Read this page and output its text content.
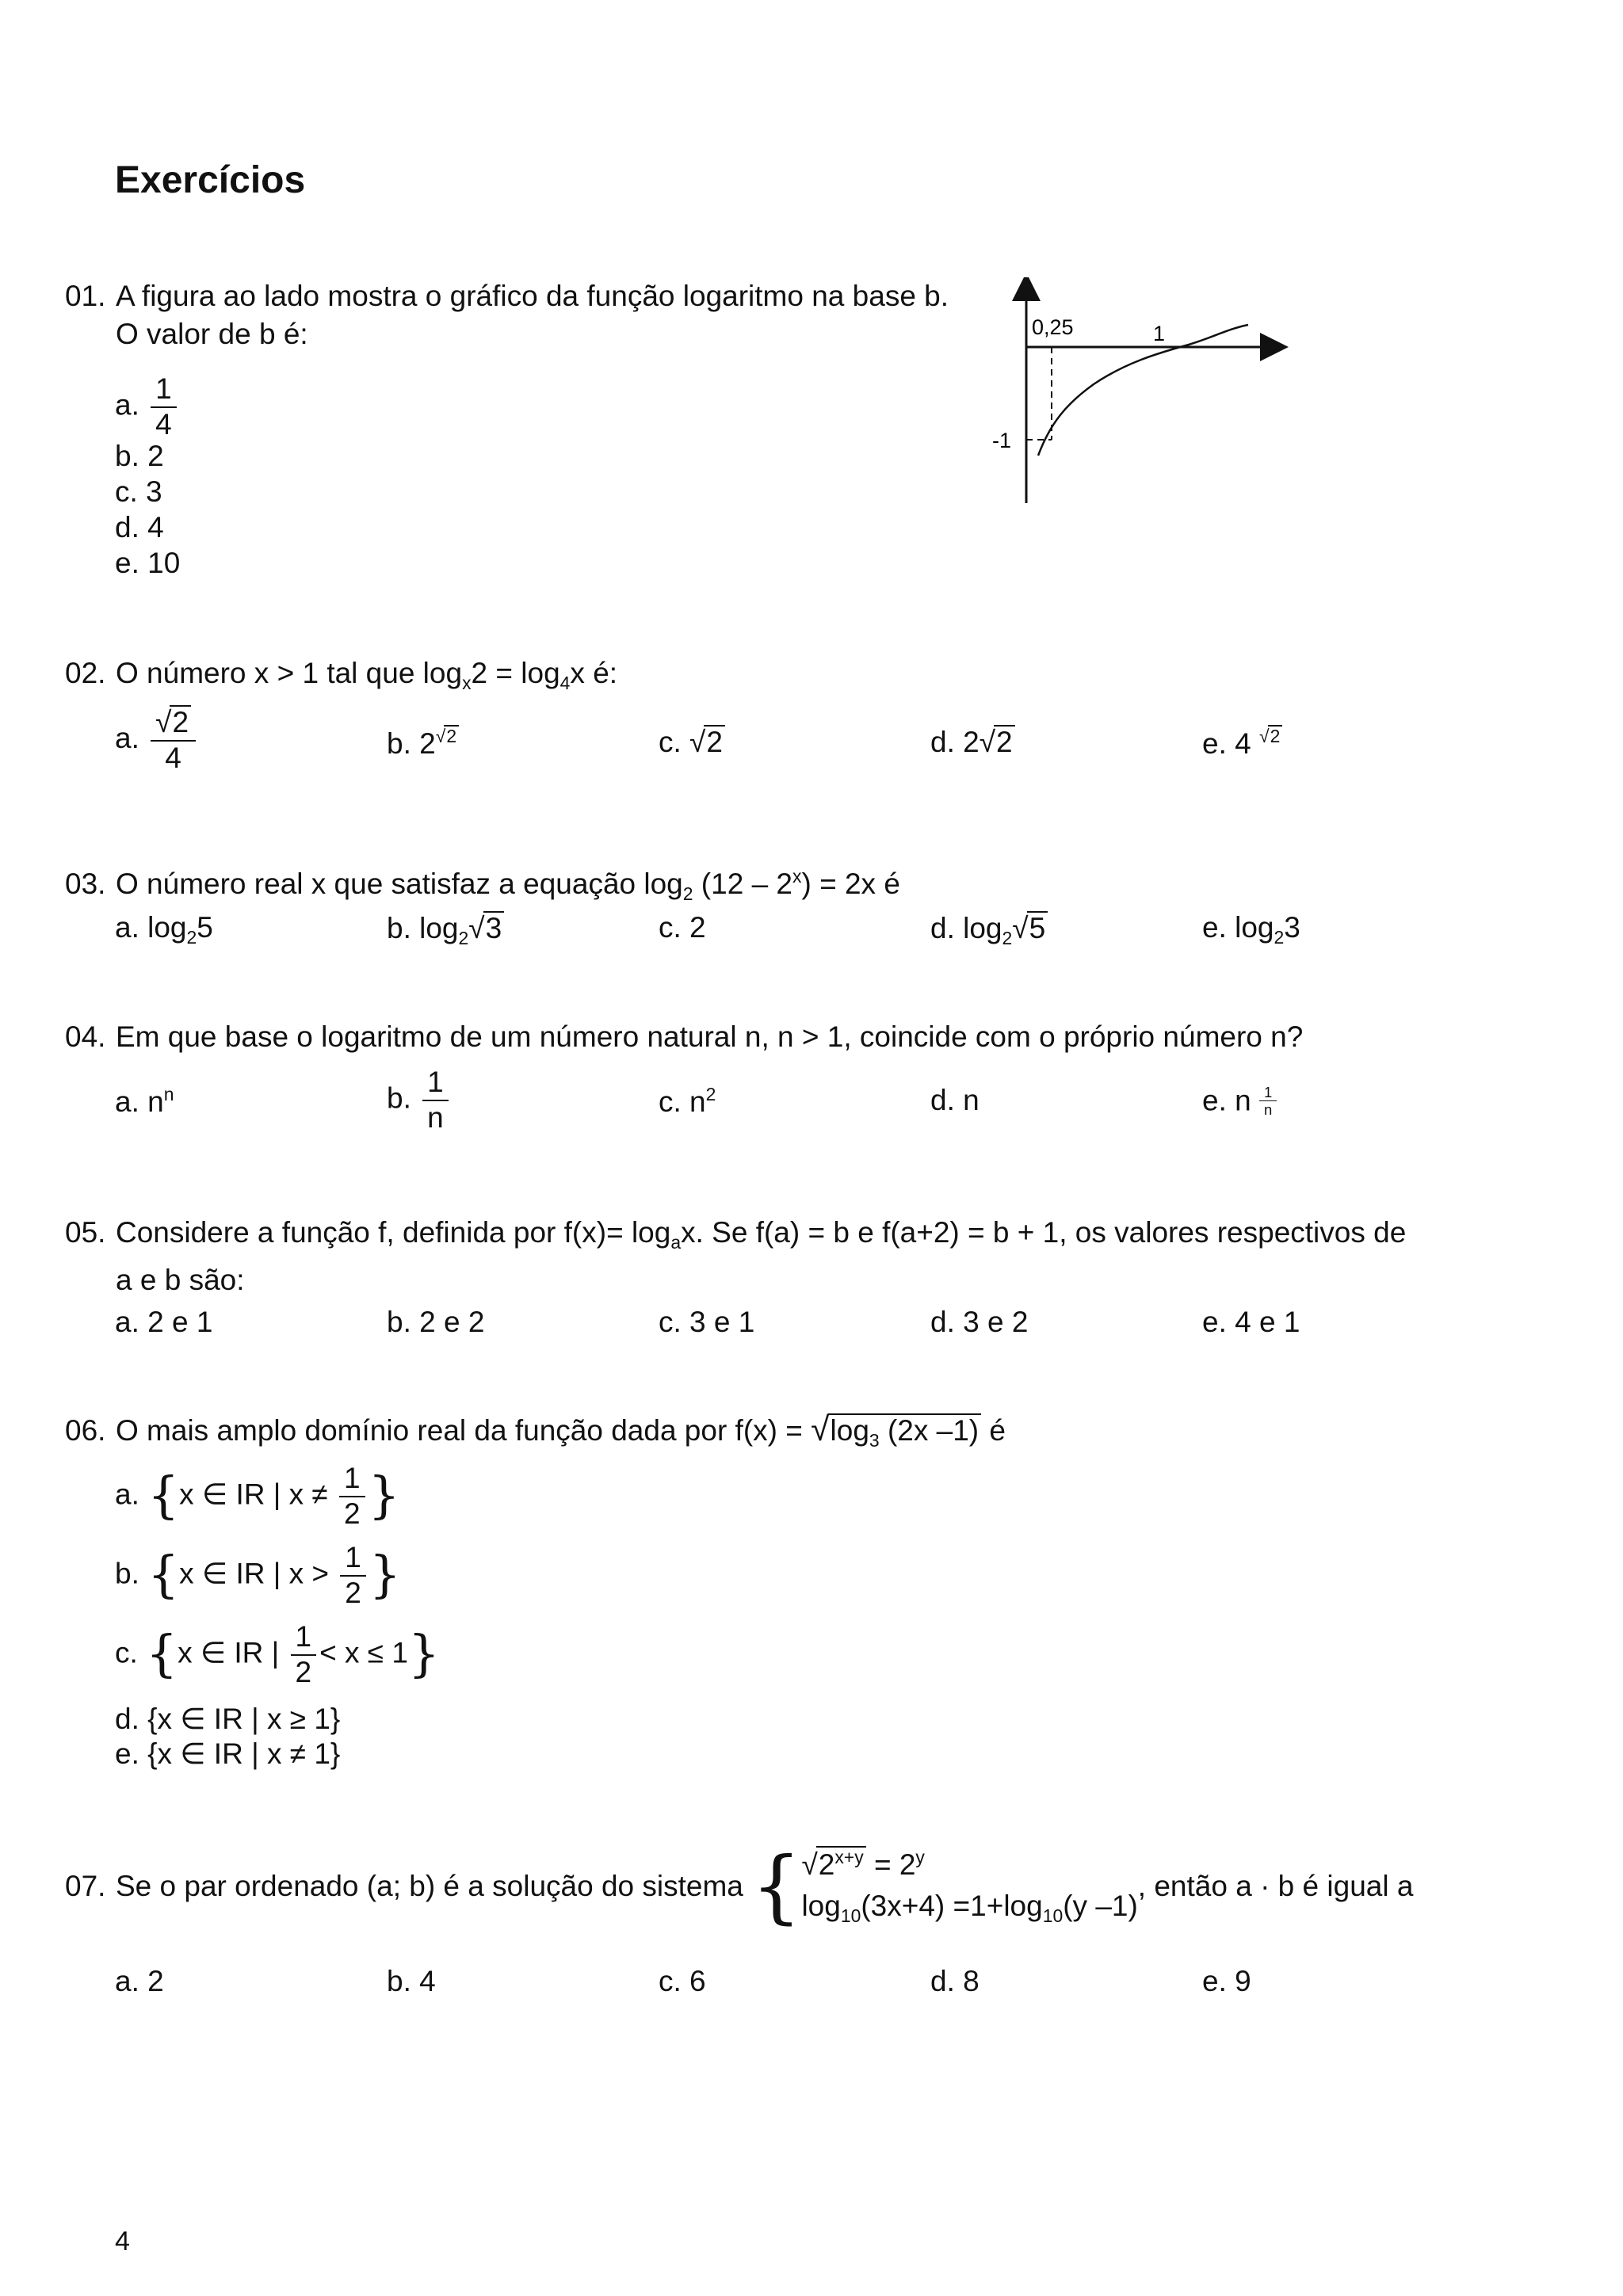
Exercícios
01. A figura ao lado mostra o gráfico da função logaritmo na base b.
O valor de b é:
a. $\frac{1}{4}$
b. 2
c. 3
d. 4
e. 10
0,25	1
-1
02. O número x > 1 tal que $\log_x2 = \log_4x$ é:
a. $\frac{√2}{4}$	b. $2^{√2}$	c. √2	d. 2√2	e. 4 $^{√2}$
03. O número real x que satisfaz a equação $\log_2 (12 - 2^x) = 2x$ é
a. $\log_25$	b. $\log_2√3$	c. 2	d. $\log_2√5$	e. $\log_23$
04. Em que base o logaritmo de um número natural n, n > 1, coincide com o próprio número n?
a. $n^n$	b. $\frac{1}{n}$	c. $n^2$	d. n	e. n $\frac{1}{n}$
05. Considere a função f, definida por $f(x)= \log_ax$. Se f(a) = b e f(a+2) = b + 1, os valores respectivos de
a e b são:
a. 2 e 1	b. 2 e 2	c. 3 e 1	d. 3 e 2	e. 4 e 1
06. O mais amplo domínio real da função dada por $f(x) = √\log_3$ (2x –1) é
a. {x ∈ IR | $x \ne \frac{1}{2}$ }
b. {x ∈ IR | $x > \frac{1}{2}$ }
c. {x ∈ IR | $\frac{1}{2} < x \le 1$}
d. {x ∈ IR | x ≥ 1}
e. {x ∈ IR | x ≠ 1}
07. Se o par ordenado (a; b) é a solução do sistema { $√2^{x+y} = 2^y$
$\log_{10}(3x+4) =1+\log_{10}(y$ –1)
, então a · b é igual a
a. 2	b. 4	c. 6	d. 8	e. 9
4
